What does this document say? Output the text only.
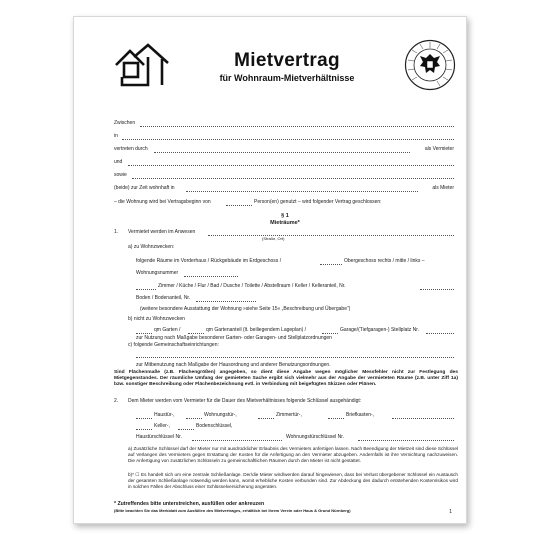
Mietvertrag
für Wohnraum-Mietverhältnisse
Zwischen
in
vertreten durch	als Vermieter
und
sowie
(beide) zur Zeit wohnhaft in	als Mieter
– die Wohnung wird bei Vertragsbeginn von	Person(en) genutzt – wird folgender Vertrag geschlossen:
§ 1
Mieträume*
1. Vermietet werden im Anwesen
(Straße, Ort)
a) zu Wohnzwecken:
folgende Räume im Vorderhaus / Rückgebäude im Erdgeschoss /	Obergeschoss rechts / mitte / links –
Wohnungsnummer
Zimmer / Küche / Flur / Bad / Dusche / Toilette / Abstellraum / Keller / Kelleranteil, Nr.
Boden / Bodenanteil, Nr.
(weitere besondere Ausstattung der Wohnung »siehe Seite 15« „Beschreibung und Übergabe“)
b) nicht zu Wohnzwecken
qm Garten /	qm Gartenanteil (lt. beiliegendem Lageplan) /	Garage/(Tiefgaragen-) Stellplatz Nr.
zur Nutzung nach Maßgabe besonderer Garten- oder Garagen- und Stellplatzordnungen
c) folgende Gemeinschaftseinrichtungen:
zur Mitbenutzung nach Maßgabe der Hausordnung und anderer Benutzungsordnungen.
Sind Flächenmaße (z.B. Flächengrößen) angegeben, so dient diese Angabe wegen möglicher Messfehler nicht zur Festlegung des Mietgegenstandes. Der räumliche Umfang der gemieteten Sache ergibt sich vielmehr aus der Angabe der vermieteten Räume (z.B. unter Ziff 1a) bzw. sonstiger Beschreibung oder Flächenbezeichnung evtl. in Verbindung mit beigefügten Skizzen oder Plänen.
2. Dem Mieter werden vom Vermieter für die Dauer des Mietverhältnisses folgende Schlüssel ausgehändigt:
Haustür-,	Wohnungstür-,	Zimmertür-,	Briefkasten-,
Keller-,	Bodenschlüssel,
Haustürschlüssel Nr.	Wohnungstürschlüssel Nr.
a) Zusätzliche Schlüssel darf der Mieter nur mit ausdrücklicher Erlaubnis des Vermieters anfertigen lassen. Nach Beendigung der Mietzeit sind diese Schlüssel auf Verlangen des Vermieters gegen Erstattung der Kosten für die Anfertigung an den Vermieter abzugeben. Andernfalls ist ihre Vernichtung nachzuweisen. Die Anfertigung von zusätzlichen Schlüsseln zu gemeinschaftlichen Räumen durch den Mieter ist nicht gestattet.
b)* ☐ Es handelt sich um eine zentrale Schließanlage. Der/die Mieter wird/werden darauf hingewiesen, dass bei Verlust übergebener Schlüssel ein Austausch der gesamten Schließanlage notwendig werden kann, womit erhebliche Kosten verbunden sind. Zur Abdeckung des dadurch entstehenden Kostenrisikos wird in solchen Fällen der Abschluss einer Schlüsselversicherung angeraten.
* Zutreffendes bitte unterstreichen, ausfüllen oder ankreuzen
(Bitte beachten Sie das Merkblatt zum Ausfüllen des Mietvertrages, erhältlich bei Ihrem Verein oder Haus & Grund Nürnberg)	1
